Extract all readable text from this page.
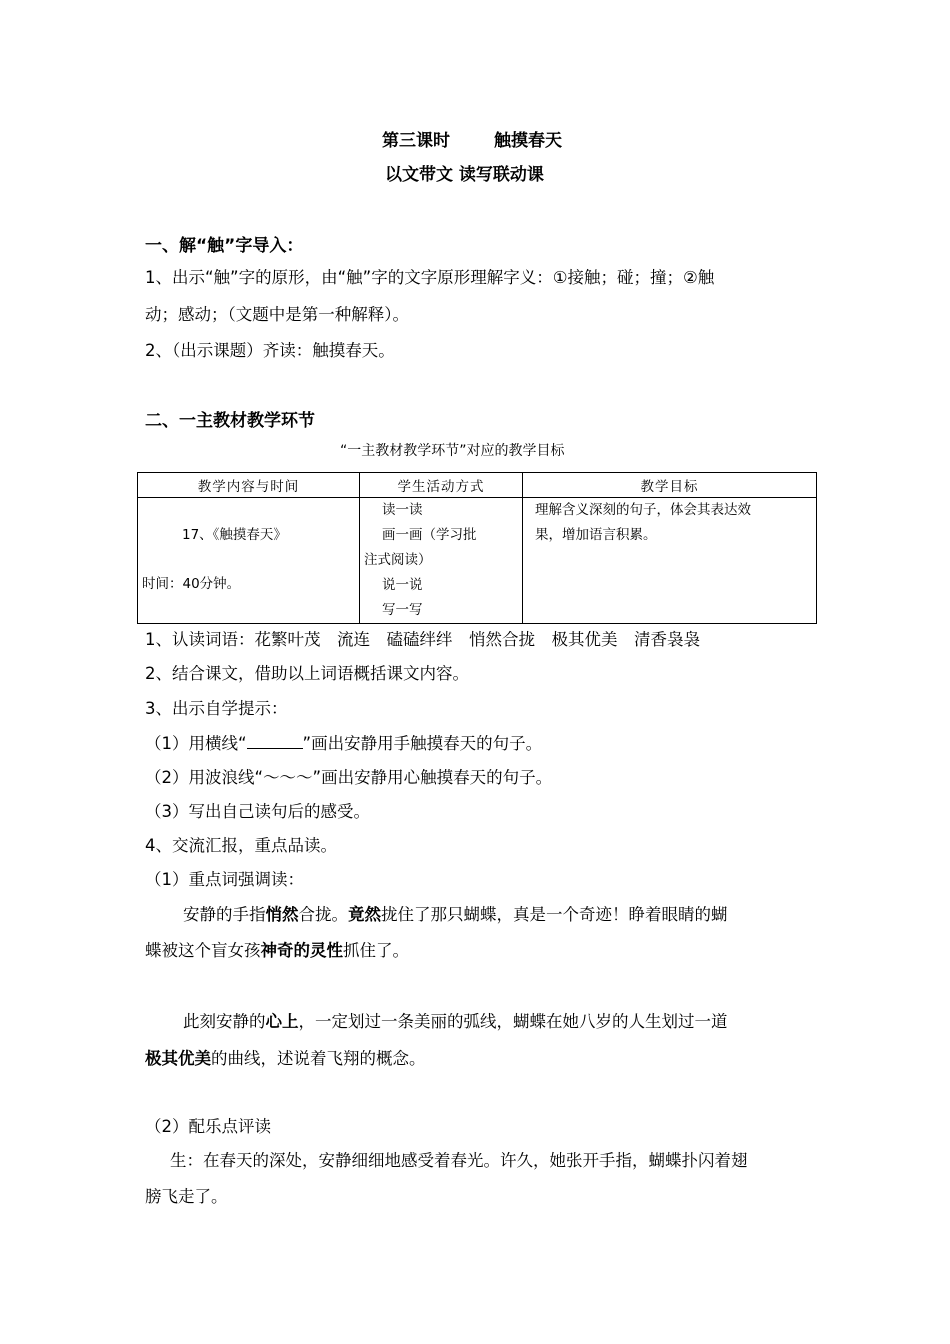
第三课时	触摸春天
以文带文 读写联动课
一、解“触”字导入：
1、出示“触”字的原形，由“触”字的文字原形理解字义：①接触；碰；撞；②触
动；感动；（文题中是第一种解释）。
2、（出示课题）齐读：触摸春天。
二、一主教材教学环节
“一主教材教学环节”对应的教学目标
教学内容与时间	学生活动方式	教学目标

17、《触摸春天》
时间：40分钟。	读一读
画一画（学习批
注式阅读）
说一说
写一写	理解含义深刻的句子，体会其表达效
果，增加语言积累。
1、认读词语：花繁叶茂　流连　磕磕绊绊　悄然合拢　极其优美　清香袅袅
2、结合课文，借助以上词语概括课文内容。
3、出示自学提示：
（1）用横线“	”画出安静用手触摸春天的句子。
（2）用波浪线“～～～”画出安静用心触摸春天的句子。
（3）写出自己读句后的感受。
4、交流汇报，重点品读。
（1）重点词强调读：
安静的手指悄然合拢。竟然拢住了那只蝴蝶，真是一个奇迹！睁着眼睛的蝴
蝶被这个盲女孩神奇的灵性抓住了。
此刻安静的心上，一定划过一条美丽的弧线，蝴蝶在她八岁的人生划过一道
极其优美的曲线，述说着飞翔的概念。
（2）配乐点评读
生：在春天的深处，安静细细地感受着春光。许久，她张开手指，蝴蝶扑闪着翅
膀飞走了。
